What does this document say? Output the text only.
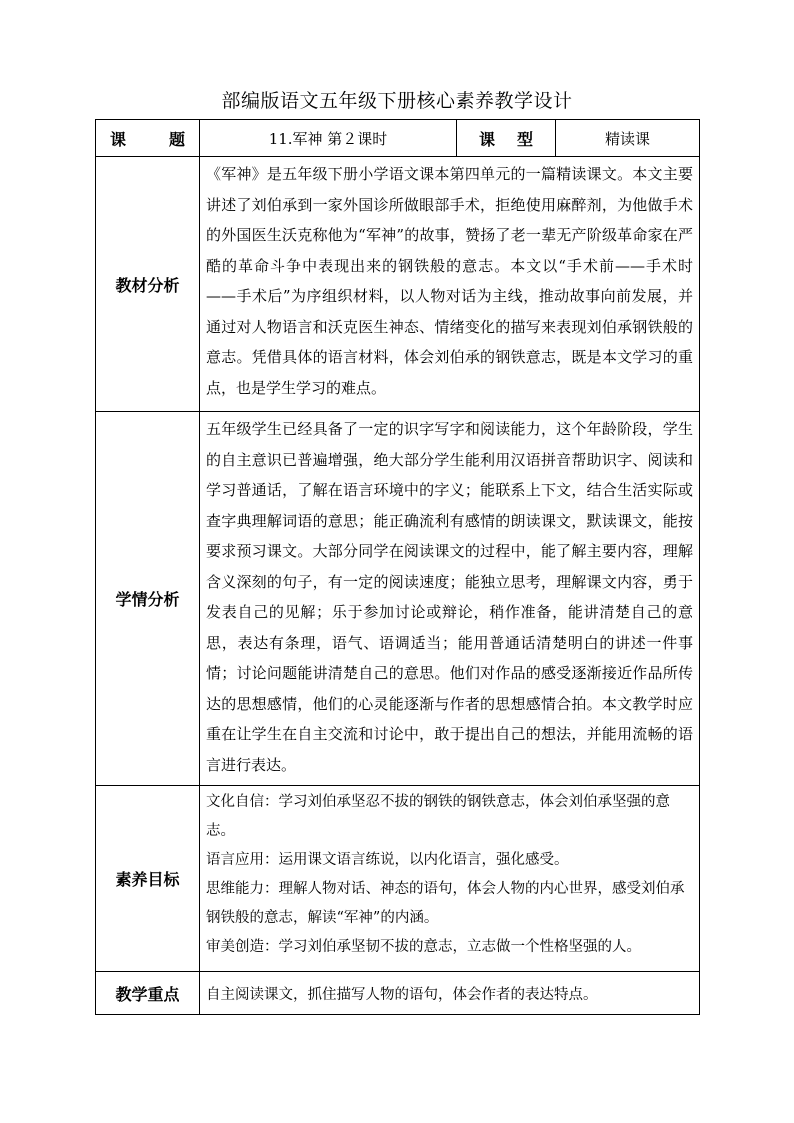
部编版语文五年级下册核心素养教学设计
课 题	11.军神 第２课时	课 型	精读课
教材分析	《军神》是五年级下册小学语文课本第四单元的一篇精读课文。本文主要讲述了刘伯承到一家外国诊所做眼部手术，拒绝使用麻醉剂，为他做手术的外国医生沃克称他为“军神”的故事，赞扬了老一辈无产阶级革命家在严酷的革命斗争中表现出来的钢铁般的意志。本文以“手术前——手术时——手术后”为序组织材料，以人物对话为主线，推动故事向前发展，并通过对人物语言和沃克医生神态、情绪变化的描写来表现刘伯承钢铁般的意志。凭借具体的语言材料，体会刘伯承的钢铁意志，既是本文学习的重点，也是学生学习的难点。		
学情分析	五年级学生已经具备了一定的识字写字和阅读能力，这个年龄阶段，学生的自主意识已普遍增强，绝大部分学生能利用汉语拼音帮助识字、阅读和学习普通话，了解在语言环境中的字义；能联系上下文，结合生活实际或查字典理解词语的意思；能正确流利有感情的朗读课文，默读课文，能按要求预习课文。大部分同学在阅读课文的过程中，能了解主要内容，理解含义深刻的句子，有一定的阅读速度；能独立思考，理解课文内容，勇于发表自己的见解；乐于参加讨论或辩论，稍作准备，能讲清楚自己的意思，表达有条理，语气、语调适当；能用普通话清楚明白的讲述一件事情；讨论问题能讲清楚自己的意思。他们对作品的感受逐渐接近作品所传达的思想感情，他们的心灵能逐渐与作者的思想感情合拍。本文教学时应重在让学生在自主交流和讨论中，敢于提出自己的想法，并能用流畅的语言进行表达。		
素养目标	文化自信：学习刘伯承坚忍不拔的钢铁的钢铁意志，体会刘伯承坚强的意志。

语言应用：运用课文语言练说，以内化语言，强化感受。

思维能力：理解人物对话、神态的语句，体会人物的内心世界，感受刘伯承钢铁般的意志，解读“军神”的内涵。

审美创造：学习刘伯承坚韧不拔的意志，立志做一个性格坚强的人。		

教学重点	自主阅读课文，抓住描写人物的语句，体会作者的表达特点。		
